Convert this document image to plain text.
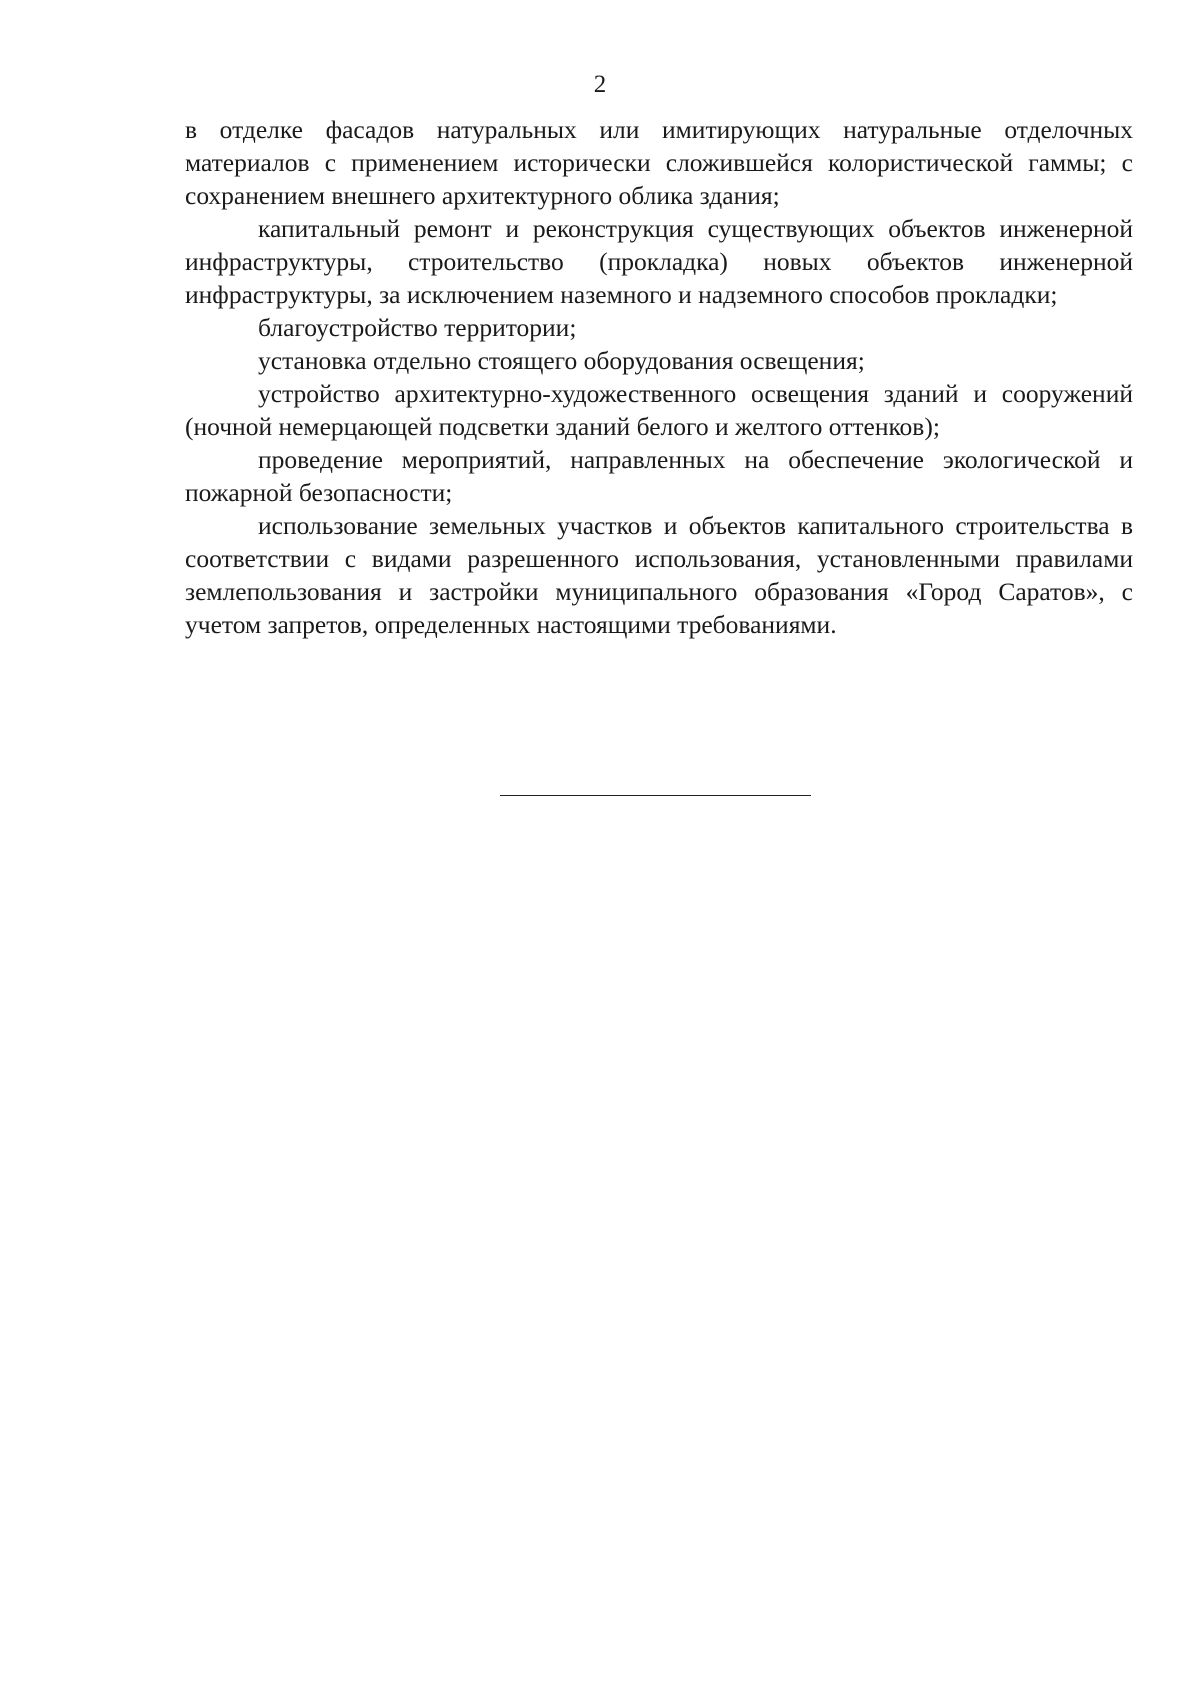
2

в отделке фасадов натуральных или имитирующих натуральные отделочных материалов с применением исторически сложившейся колористической гаммы; с сохранением внешнего архитектурного облика здания;

капитальный ремонт и реконструкция существующих объектов инженерной инфраструктуры, строительство (прокладка) новых объектов инженерной инфраструктуры, за исключением наземного и надземного способов прокладки;

благоустройство территории;

установка отдельно стоящего оборудования освещения;

устройство архитектурно-художественного освещения зданий и сооружений (ночной немерцающей подсветки зданий белого и желтого оттенков);

проведение мероприятий, направленных на обеспечение экологической и пожарной безопасности;

использование земельных участков и объектов капитального строительства в соответствии с видами разрешенного использования, установленными правилами землепользования и застройки муниципального образования «Город Саратов», с учетом запретов, определенных настоящими требованиями.
